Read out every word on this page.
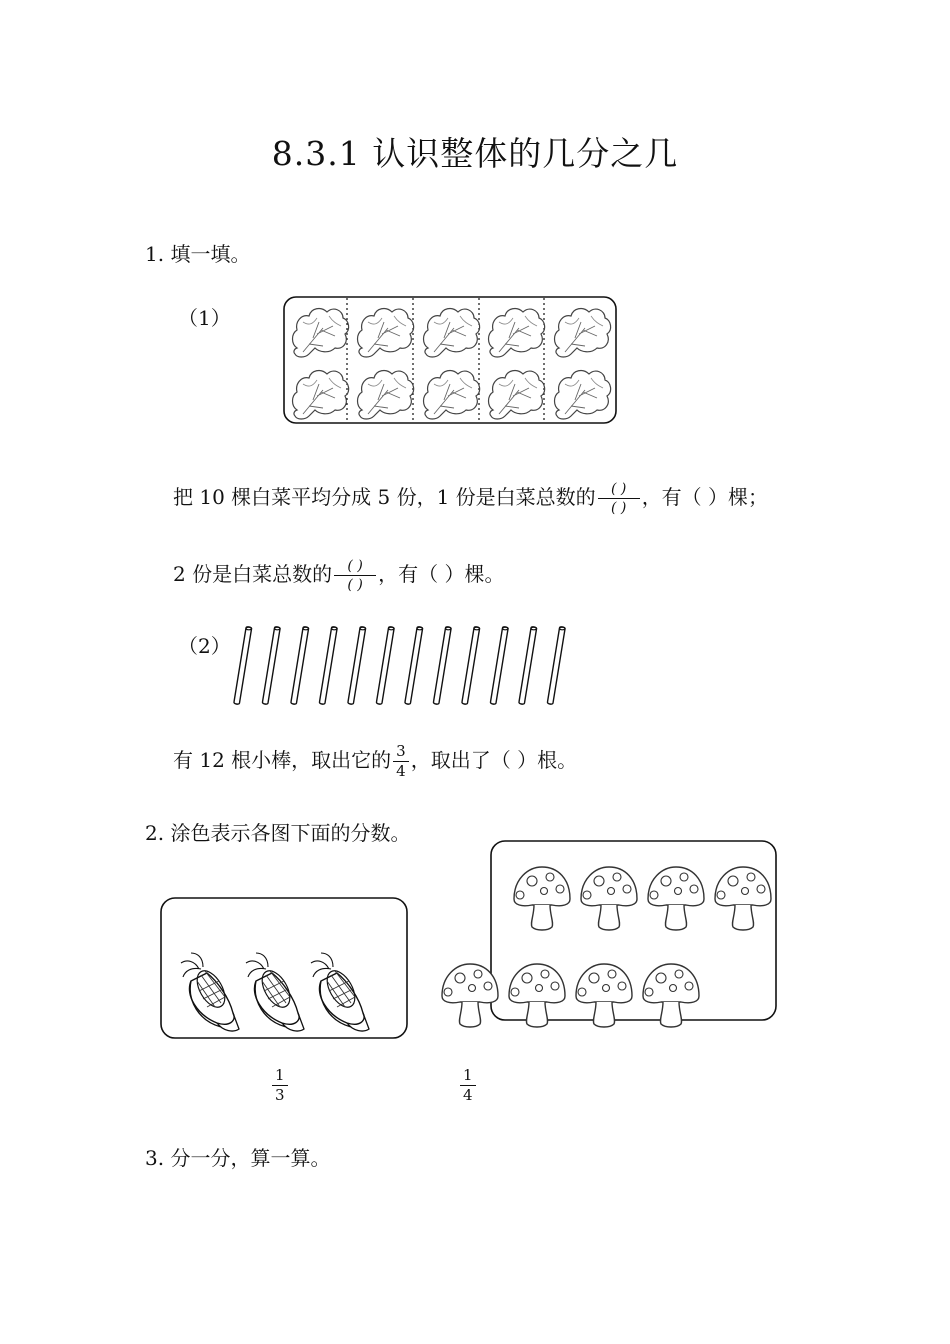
8.3.1 认识整体的几分之几
1. 填一填。
（1）
把 10 棵白菜平均分成 5 份，1 份是白菜总数的 $\frac{( )}{( )}$ ，有（ ）棵；
2 份是白菜总数的 $\frac{( )}{( )}$ ，有（ ）棵。
（2）
有 12 根小棒，取出它的 $\frac{3}{4}$ ，取出了（ ）根。
2. 涂色表示各图下面的分数。
$\frac{1}{3}$	$\frac{1}{4}$
3. 分一分，算一算。
